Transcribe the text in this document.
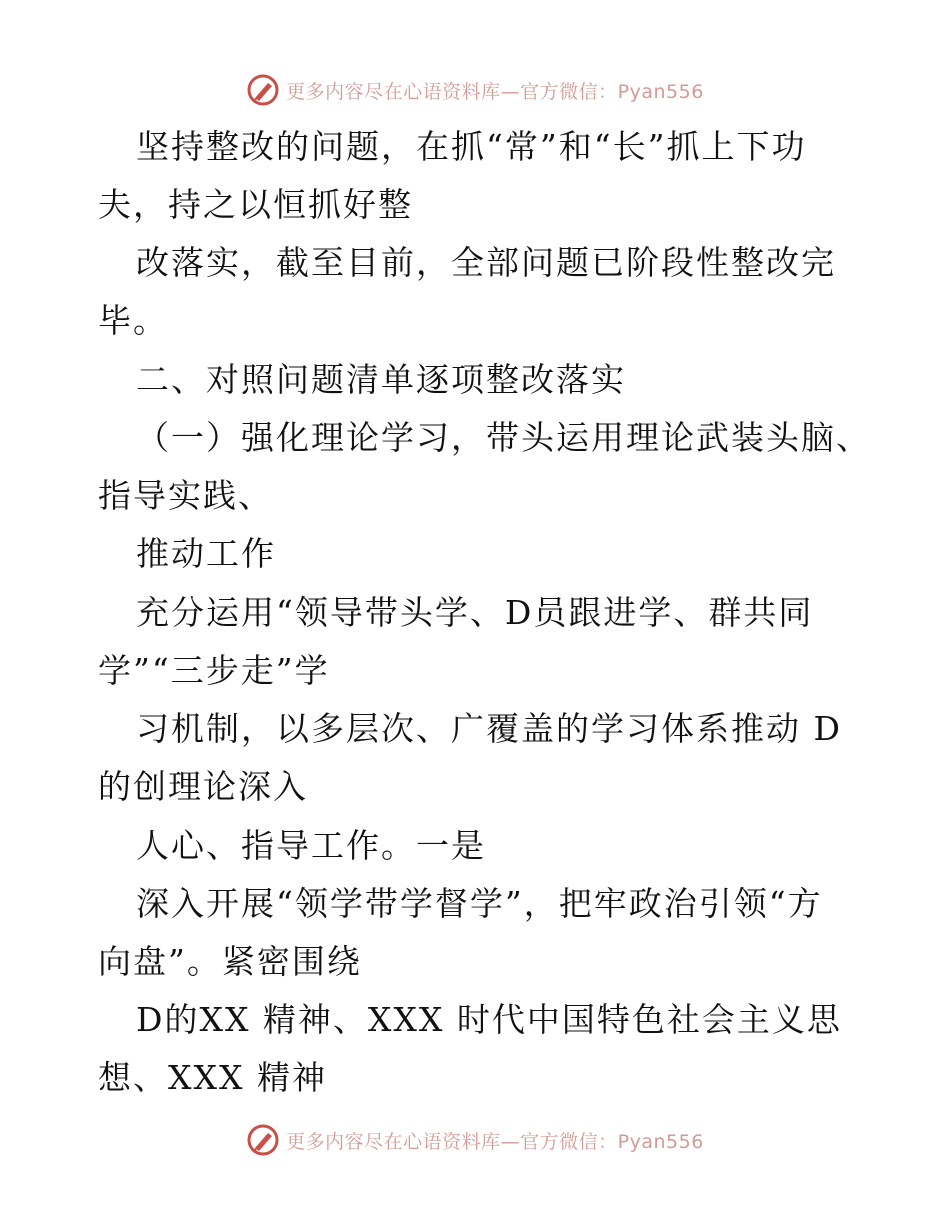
更多内容尽在心语资料库—官方微信：Pyan556
坚持整改的问题，在抓“常”和“长”抓上下功
夫，持之以恒抓好整
改落实，截至目前，全部问题已阶段性整改完
毕。
二、对照问题清单逐项整改落实
（一）强化理论学习，带头运用理论武装头脑、
指导实践、
推动工作
充分运用“领导带头学、D员跟进学、群共同
学”“三步走”学
习机制，以多层次、广覆盖的学习体系推动 D
的创理论深入
人心、指导工作。一是
深入开展“领学带学督学”，把牢政治引领“方
向盘”。紧密围绕
D的XX 精神、XXX 时代中国特色社会主义思
想、XXX 精神
更多内容尽在心语资料库—官方微信：Pyan556
